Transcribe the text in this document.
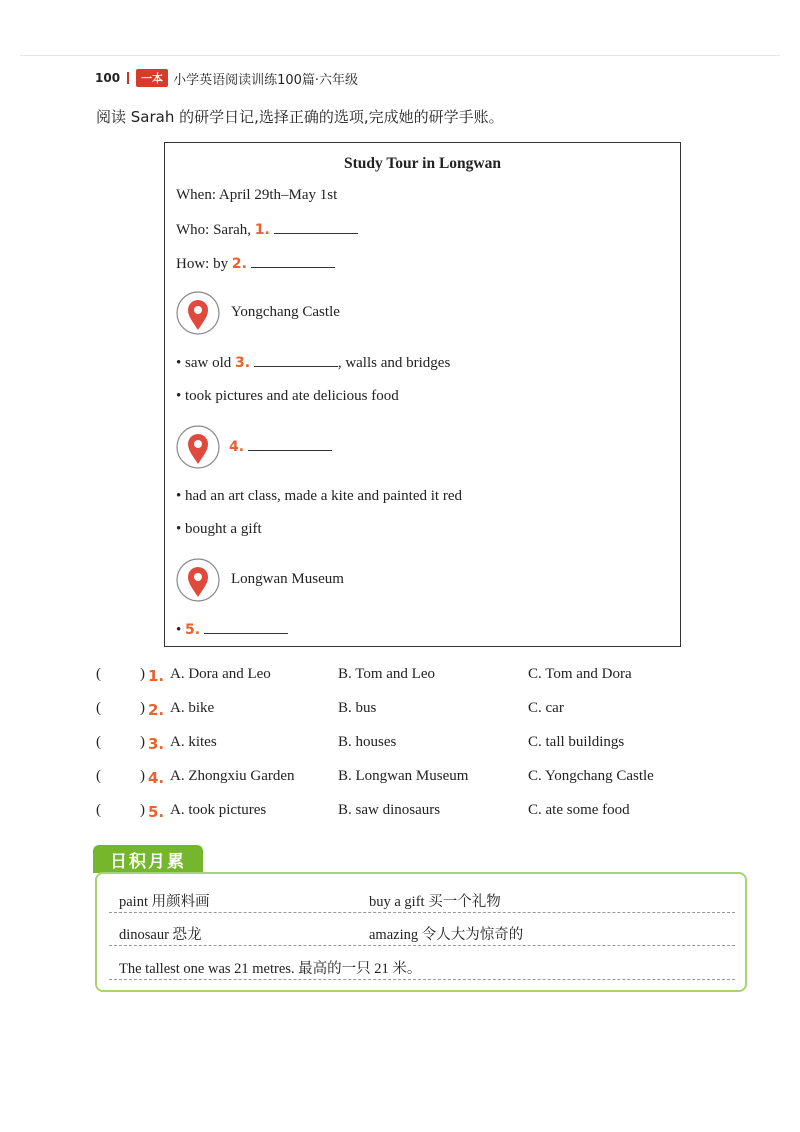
100	一本 小学英语阅读训练100篇·六年级
阅读 Sarah 的研学日记,选择正确的选项,完成她的研学手账。
Study Tour in Longwan
When: April 29th–May 1st
Who: Sarah, 1.
How: by 2.
Yongchang Castle
• saw old 3.	, walls and bridges
• took pictures and ate delicious food
4.
• had an art class, made a kite and painted it red
• bought a gift
Longwan Museum
• 5.
(	) 1. A. Dora and Leo	B. Tom and Leo	C. Tom and Dora
(	) 2. A. bike	B. bus	C. car
(	) 3. A. kites	B. houses	C. tall buildings
(	) 4. A. Zhongxiu Garden	B. Longwan Museum	C. Yongchang Castle
(	) 5. A. took pictures	B. saw dinosaurs	C. ate some food
日积月累
paint 用颜料画	buy a gift 买一个礼物
dinosaur 恐龙	amazing 令人大为惊奇的
The tallest one was 21 metres. 最高的一只 21 米。
